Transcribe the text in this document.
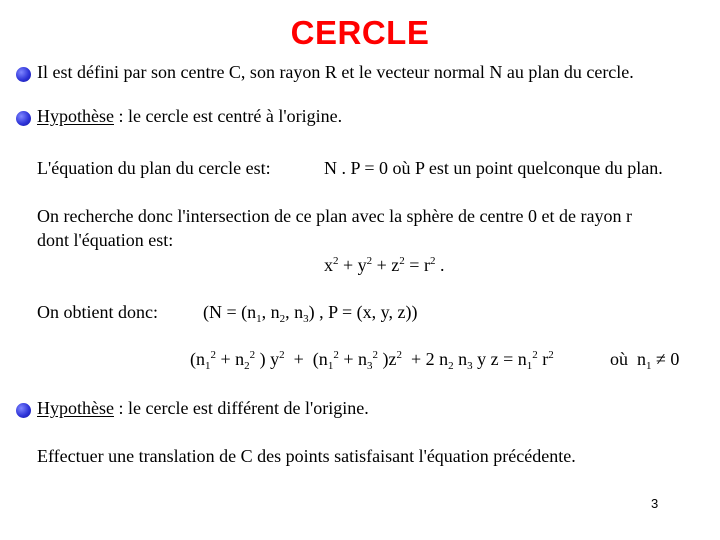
CERCLE
Il est défini par son centre C, son rayon R et le vecteur normal N au plan du cercle.
Hypothèse : le cercle est centré à l'origine.
L'équation du plan du cercle est:	N . P = 0 où P est un point quelconque du plan.
On recherche donc l'intersection de ce plan avec la sphère de centre 0 et de rayon r
dont l'équation est:
$x^2 + y^2 + z^2 = r^2$ .
On obtient donc:	($N = (n_1$, $n_2$, $n_3$) , P = (x, y, z))
($n_1^2 + n_2^2$ ) $y^2 + (n_1^2 + n_3^2$ )$z^2 + 2$ $n_2$ $n_3$ y $z = n_1^2$ $r^2$	où  $n_1 \ne 0$
Hypothèse : le cercle est différent de l'origine.
Effectuer une translation de C des points satisfaisant l'équation précédente.
3
